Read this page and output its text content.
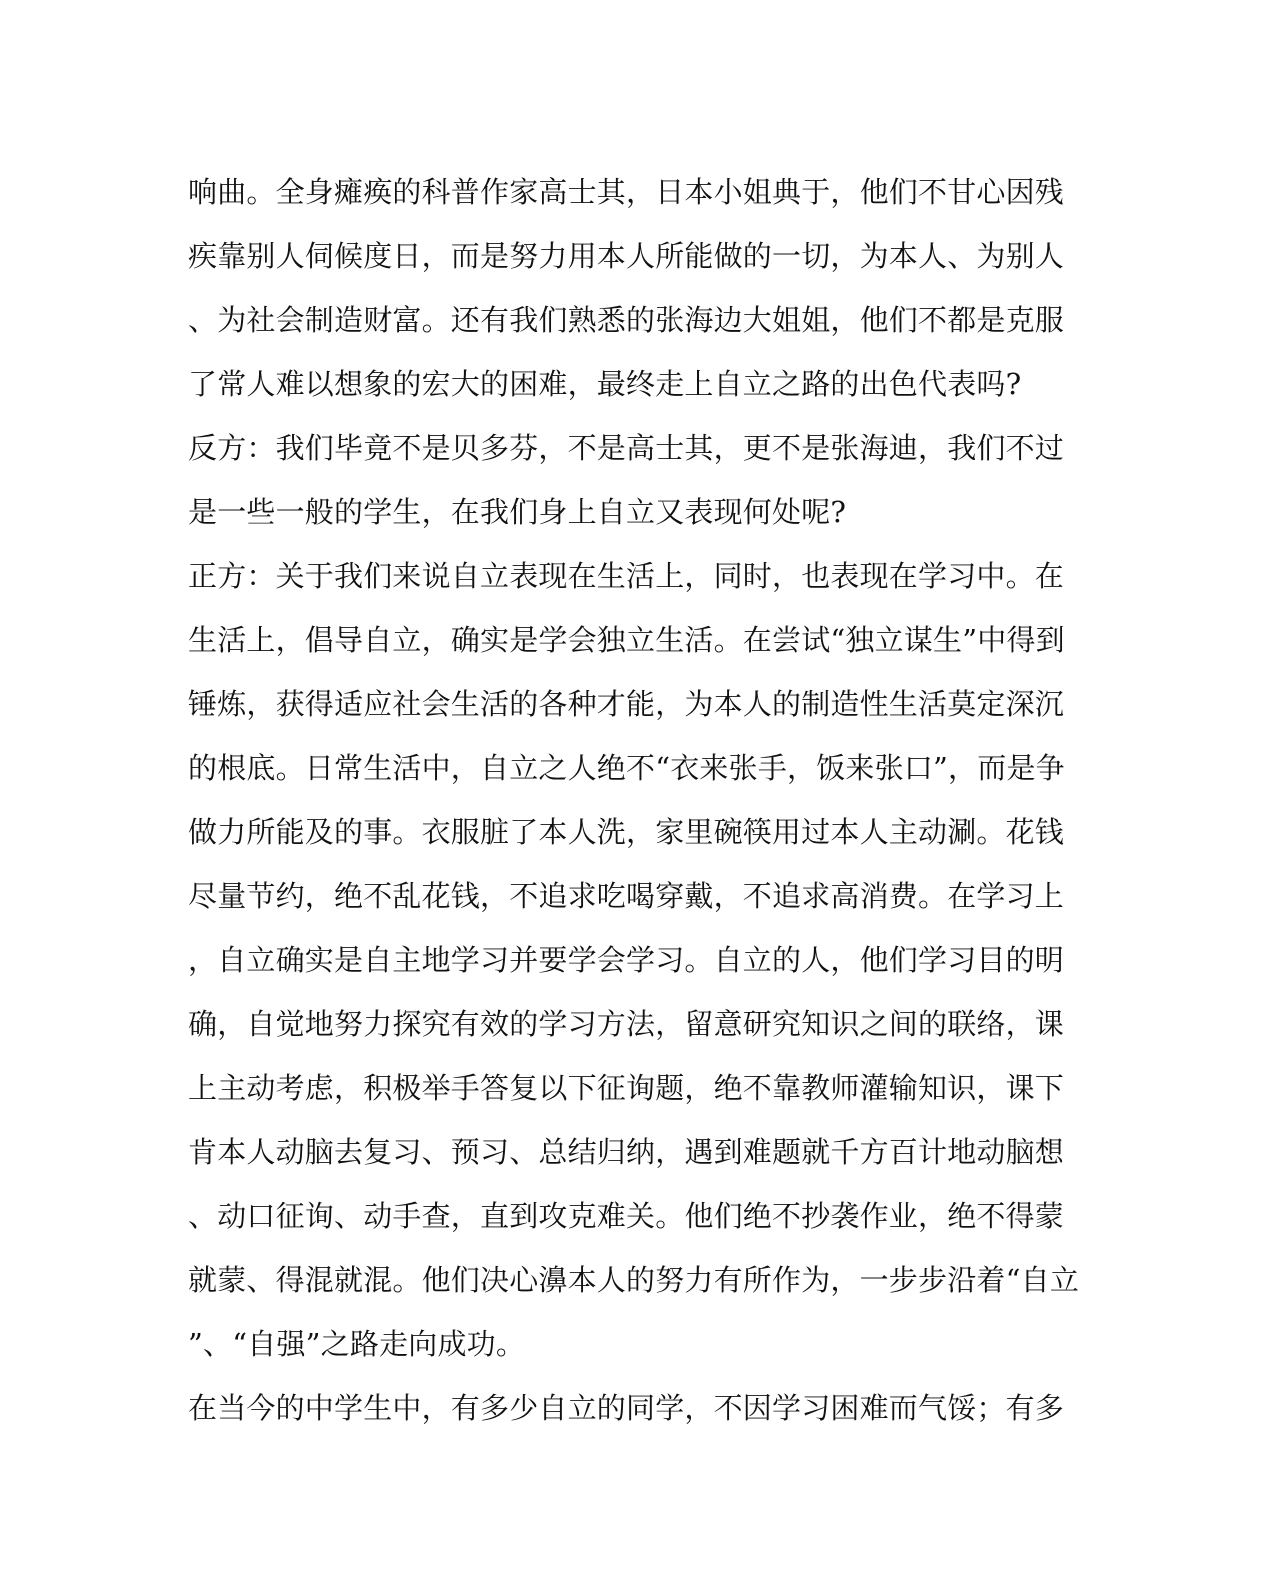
响曲。全身瘫痪的科普作家高士其，日本小姐典于，他们不甘心因残
疾靠别人伺候度日，而是努力用本人所能做的一切，为本人、为别人
、为社会制造财富。还有我们熟悉的张海边大姐姐，他们不都是克服
了常人难以想象的宏大的困难，最终走上自立之路的出色代表吗?
反方：我们毕竟不是贝多芬，不是高士其，更不是张海迪，我们不过
是一些一般的学生，在我们身上自立又表现何处呢?
正方：关于我们来说自立表现在生活上，同时，也表现在学习中。在
生活上，倡导自立，确实是学会独立生活。在尝试“独立谋生”中得到
锤炼，获得适应社会生活的各种才能，为本人的制造性生活莫定深沉
的根底。日常生活中，自立之人绝不“衣来张手，饭来张口”，而是争
做力所能及的事。衣服脏了本人洗，家里碗筷用过本人主动涮。花钱
尽量节约，绝不乱花钱，不追求吃喝穿戴，不追求高消费。在学习上
，自立确实是自主地学习并要学会学习。自立的人，他们学习目的明
确，自觉地努力探究有效的学习方法，留意研究知识之间的联络，课
上主动考虑，积极举手答复以下征询题，绝不靠教师灌输知识，课下
肯本人动脑去复习、预习、总结归纳，遇到难题就千方百计地动脑想
、动口征询、动手查，直到攻克难关。他们绝不抄袭作业，绝不得蒙
就蒙、得混就混。他们决心濞本人的努力有所作为，一步步沿着“自立
”、“自强”之路走向成功。
在当今的中学生中，有多少自立的同学，不因学习困难而气馁；有多
